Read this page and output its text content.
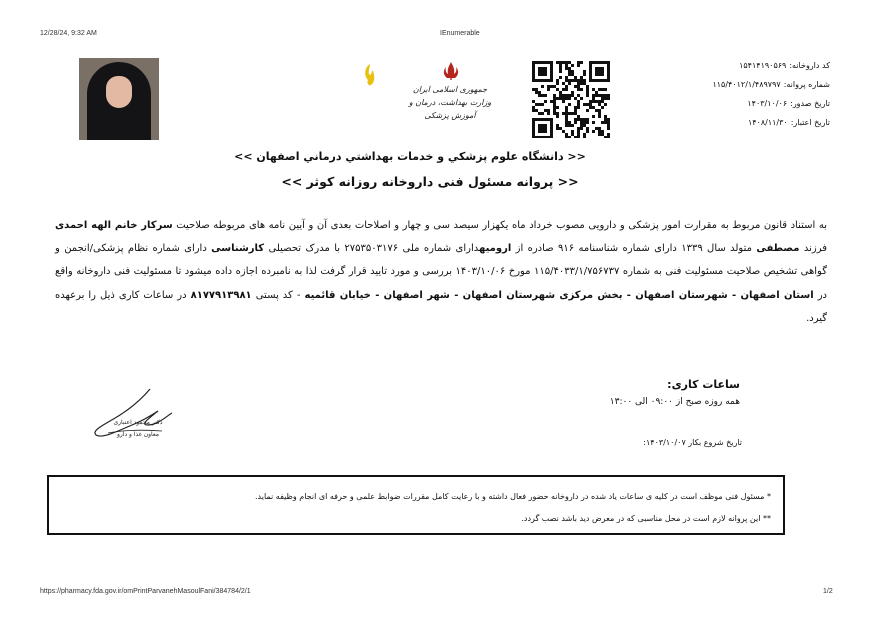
12/28/24, 9:32 AM	IEnumerable
جمهوری اسلامی ایران
وزارت بهداشت، درمان و آموزش پزشکی
کد داروخانه:۱۵۴۱۴۱۹۰۵۶۹
شماره پروانه:۱۱۵/۴۰۱۲/۱/۴۸۹۷۹۷
تاریخ صدور:۱۴۰۳/۱۰/۰۶
تاریخ اعتبار:۱۴۰۸/۱۱/۳۰
<< دانشگاه علوم پزشکي و خدمات بهداشتي درماني اصفهان >>
<< پروانه مسئول فنی داروخانه روزانه کوثر >>
به استناد قانون مربوط به مقرارت امور پزشکی و دارویی مصوب خرداد ماه یکهزار سیصد سی و چهار و اصلاحات بعدی آن و آیین نامه های مربوطه صلاحیت سرکار خانم الهه احمدی فرزند مصطفی متولد سال ۱۳۳۹ دارای شماره شناسنامه ۹۱۶ صادره از ارومیهدارای شماره ملی ۲۷۵۳۵۰۳۱۷۶ با مدرک تحصیلی کارشناسی دارای شماره نظام پزشکی/انجمن و گواهی تشخیص صلاحیت مسئولیت فنی به شماره ۱۱۵/۴۰۳۳/۱/۷۵۶۷۳۷ مورخ ۱۴۰۳/۱۰/۰۶ بررسی و مورد تایید قرار گرفت لذا به نامبرده اجازه داده میشود تا مسئولیت فنی داروخانه واقع در استان اصفهان - شهرستان اصفهان - بخش مرکزی شهرستان اصفهان - شهر اصفهان - خیابان قائمیه - کد پستی ۸۱۷۷۹۱۳۹۸۱ در ساعات کاری ذیل را برعهده گیرد.
ساعات کاری:
همه روزه صبح از ۰۹:۰۰ الی ۱۳:۰۰
تاریخ شروع بکار ۱۴۰۳/۱۰/۰۷:
دکتر محمود اعتباری
معاون غذا و دارو
* مسئول فنی موظف است در کلیه ی ساعات یاد شده در داروخانه حضور فعال داشته و با رعایت کامل مقررات ضوابط علمی و حرفه ای انجام وظیفه نماید.
** این پروانه لازم است در محل مناسبی که در معرض دید باشد نصب گردد.
https://pharmacy.fda.gov.ir/omPrintParvanehMasoulFani/384784/2/1	1/2
